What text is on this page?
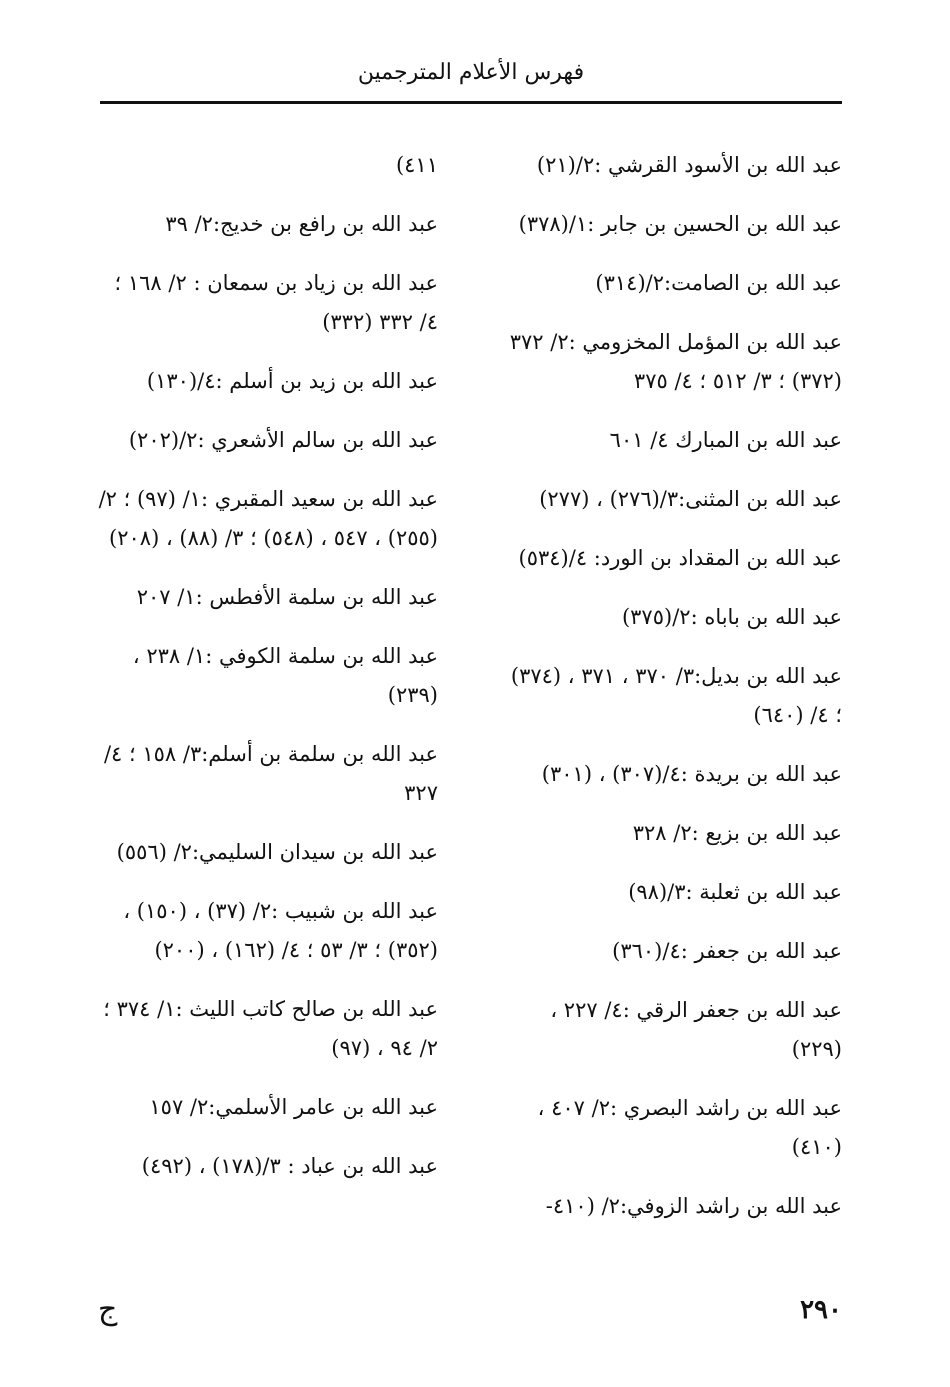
فهرس الأعلام المترجمين

عبد الله بن الأسود القرشي :٢/(٢١)

عبد الله بن الحسين بن جابر :١/(٣٧٨)

عبد الله بن الصامت:٢/(٣١٤)

عبد الله بن المؤمل المخزومي :٢/ ٣٧٢ (٣٧٢) ؛ ٣/ ٥١٢ ؛ ٤/ ٣٧٥

عبد الله بن المبارك ٤/ ٦٠١

عبد الله بن المثنى:٣/(٢٧٦) ، (٢٧٧)

عبد الله بن المقداد بن الورد: ٤/(٥٣٤)

عبد الله بن باباه :٢/(٣٧٥)

عبد الله بن بديل:٣/ ٣٧٠ ، ٣٧١ ، (٣٧٤) ؛ ٤/ (٦٤٠)

عبد الله بن بريدة :٤/(٣٠٧) ، (٣٠١)

عبد الله بن بزيع :٢/ ٣٢٨

عبد الله بن ثعلبة :٣/(٩٨)

عبد الله بن جعفر :٤/(٣٦٠)

عبد الله بن جعفر الرقي :٤/ ٢٢٧ ، (٢٢٩)

عبد الله بن راشد البصري :٢/ ٤٠٧ ، (٤١٠)

عبد الله بن راشد الزوفي:٢/ (٤١٠-

٤١١)

عبد الله بن رافع بن خديج:٢/ ٣٩

عبد الله بن زياد بن سمعان : ٢/ ١٦٨ ؛ ٤/ ٣٣٢ (٣٣٢)

عبد الله بن زيد بن أسلم :٤/(١٣٠)

عبد الله بن سالم الأشعري :٢/(٢٠٢)

عبد الله بن سعيد المقبري :١/ (٩٧) ؛ ٢/ (٢٥٥) ، ٥٤٧ ، (٥٤٨) ؛ ٣/ (٨٨) ، (٢٠٨)

عبد الله بن سلمة الأفطس :١/ ٢٠٧

عبد الله بن سلمة الكوفي :١/ ٢٣٨ ، (٢٣٩)

عبد الله بن سلمة بن أسلم:٣/ ١٥٨ ؛ ٤/ ٣٢٧

عبد الله بن سيدان السليمي:٢/ (٥٥٦)

عبد الله بن شبيب :٢/ (٣٧) ، (١٥٠) ، (٣٥٢) ؛ ٣/ ٥٣ ؛ ٤/ (١٦٢) ، (٢٠٠)

عبد الله بن صالح كاتب الليث :١/ ٣٧٤ ؛ ٢/ ٩٤ ، (٩٧)

عبد الله بن عامر الأسلمي:٢/ ١٥٧

عبد الله بن عباد : ٣/(١٧٨) ، (٤٩٢)

٢٩٠
ج
